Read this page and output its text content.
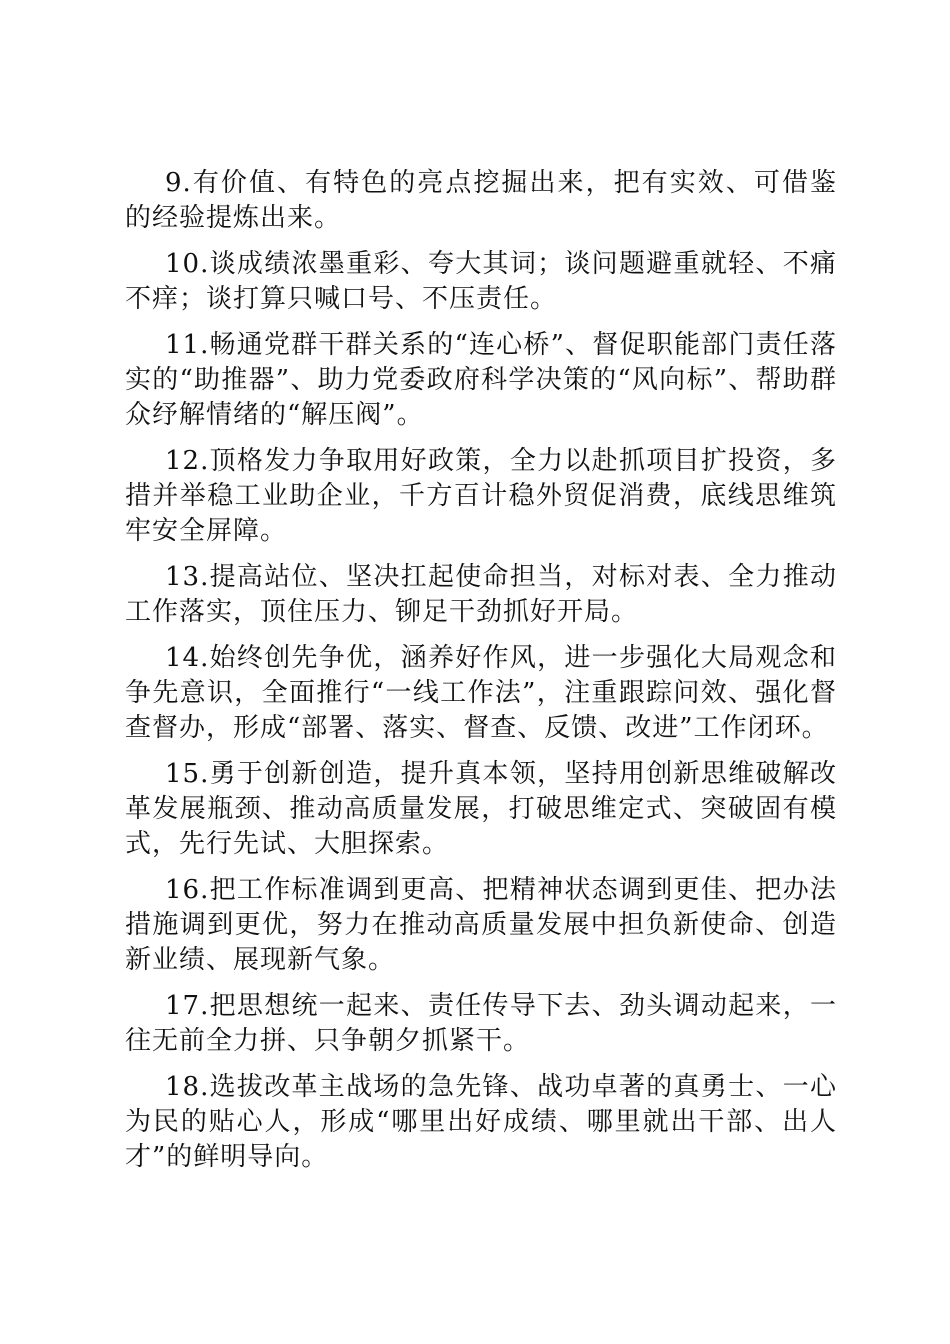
9.有价值、有特色的亮点挖掘出来，把有实效、可借鉴的经验提炼出来。

10.谈成绩浓墨重彩、夸大其词；谈问题避重就轻、不痛不痒；谈打算只喊口号、不压责任。

11.畅通党群干群关系的“连心桥”、督促职能部门责任落实的“助推器”、助力党委政府科学决策的“风向标”、帮助群众纾解情绪的“解压阀”。

12.顶格发力争取用好政策，全力以赴抓项目扩投资，多措并举稳工业助企业，千方百计稳外贸促消费，底线思维筑牢安全屏障。

13.提高站位、坚决扛起使命担当，对标对表、全力推动工作落实，顶住压力、铆足干劲抓好开局。

14.始终创先争优，涵养好作风，进一步强化大局观念和争先意识，全面推行“一线工作法”，注重跟踪问效、强化督查督办，形成“部署、落实、督查、反馈、改进”工作闭环。

15.勇于创新创造，提升真本领，坚持用创新思维破解改革发展瓶颈、推动高质量发展，打破思维定式、突破固有模式，先行先试、大胆探索。

16.把工作标准调到更高、把精神状态调到更佳、把办法措施调到更优，努力在推动高质量发展中担负新使命、创造新业绩、展现新气象。

17.把思想统一起来、责任传导下去、劲头调动起来，一往无前全力拼、只争朝夕抓紧干。

18.选拔改革主战场的急先锋、战功卓著的真勇士、一心为民的贴心人，形成“哪里出好成绩、哪里就出干部、出人才”的鲜明导向。
